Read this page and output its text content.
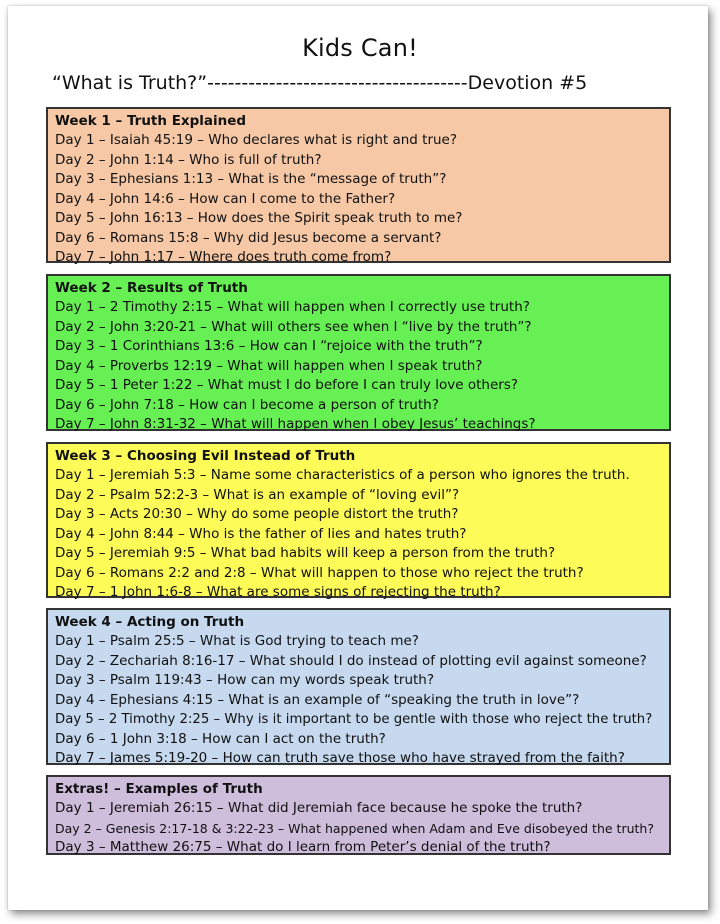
Kids Can!
“What is Truth?”--------------------------------------Devotion #5
Week 1 – Truth Explained
Day 1 – Isaiah 45:19 – Who declares what is right and true?
Day 2 – John 1:14 – Who is full of truth?
Day 3 – Ephesians 1:13 – What is the “message of truth”?
Day 4 – John 14:6 – How can I come to the Father?
Day 5 – John 16:13 – How does the Spirit speak truth to me?
Day 6 – Romans 15:8 – Why did Jesus become a servant?
Day 7 – John 1:17 – Where does truth come from?
Week 2 – Results of Truth
Day 1 – 2 Timothy 2:15 – What will happen when I correctly use truth?
Day 2 – John 3:20-21 – What will others see when I “live by the truth”?
Day 3 – 1 Corinthians 13:6 – How can I “rejoice with the truth”?
Day 4 – Proverbs 12:19 – What will happen when I speak truth?
Day 5 – 1 Peter 1:22 – What must I do before I can truly love others?
Day 6 – John 7:18 – How can I become a person of truth?
Day 7 – John 8:31-32 – What will happen when I obey Jesus’ teachings?
Week 3 – Choosing Evil Instead of Truth
Day 1 – Jeremiah 5:3 – Name some characteristics of a person who ignores the truth.
Day 2 – Psalm 52:2-3 – What is an example of “loving evil”?
Day 3 – Acts 20:30 – Why do some people distort the truth?
Day 4 – John 8:44 – Who is the father of lies and hates truth?
Day 5 – Jeremiah 9:5 – What bad habits will keep a person from the truth?
Day 6 – Romans 2:2 and 2:8 – What will happen to those who reject the truth?
Day 7 – 1 John 1:6-8 – What are some signs of rejecting the truth?
Week 4 – Acting on Truth
Day 1 – Psalm 25:5 – What is God trying to teach me?
Day 2 – Zechariah 8:16-17 – What should I do instead of plotting evil against someone?
Day 3 – Psalm 119:43 – How can my words speak truth?
Day 4 – Ephesians 4:15 – What is an example of “speaking the truth in love”?
Day 5 – 2 Timothy 2:25 – Why is it important to be gentle with those who reject the truth?
Day 6 – 1 John 3:18 – How can I act on the truth?
Day 7 – James 5:19-20 – How can truth save those who have strayed from the faith?
Extras! – Examples of Truth
Day 1 – Jeremiah 26:15 – What did Jeremiah face because he spoke the truth?
Day 2 – Genesis 2:17-18 & 3:22-23 – What happened when Adam and Eve disobeyed the truth?
Day 3 – Matthew 26:75 – What do I learn from Peter’s denial of the truth?
